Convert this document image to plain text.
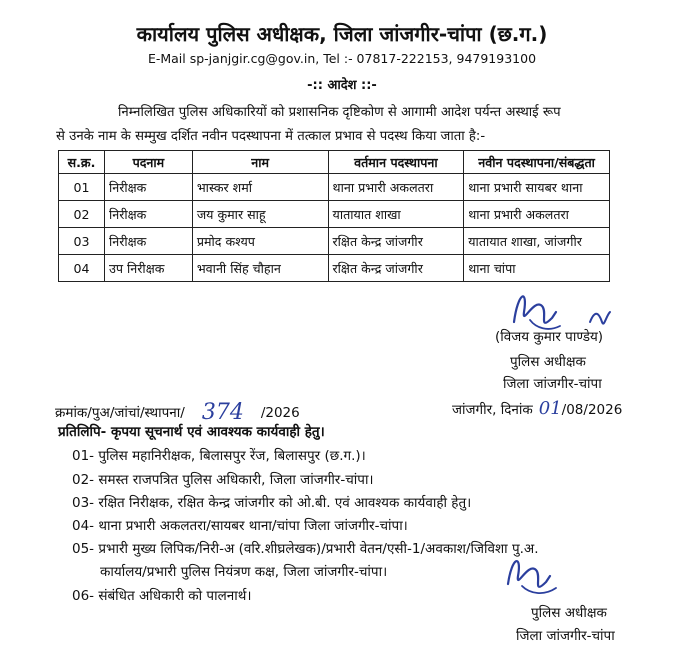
कार्यालय पुलिस अधीक्षक, जिला जांजगीर-चांपा (छ.ग.)
E-Mail sp-janjgir.cg@gov.in, Tel :- 07817-222153, 9479193100
-:: आदेश ::-
निम्नलिखित पुलिस अधिकारियों को प्रशासनिक दृष्टिकोण से आगामी आदेश पर्यन्त अस्थाई रूप
से उनके नाम के सम्मुख दर्शित नवीन पदस्थापना में तत्काल प्रभाव से पदस्थ किया जाता है:-
स.क्र.	पदनाम	नाम	वर्तमान पदस्थापना	नवीन पदस्थापना/संबद्धता
01	निरीक्षक	भास्कर शर्मा	थाना प्रभारी अकलतरा	थाना प्रभारी सायबर थाना
02	निरीक्षक	जय कुमार साहू	यातायात शाखा	थाना प्रभारी अकलतरा
03	निरीक्षक	प्रमोद कश्यप	रक्षित केन्द्र जांजगीर	यातायात शाखा, जांजगीर
04	उप निरीक्षक	भवानी सिंह चौहान	रक्षित केन्द्र जांजगीर	थाना चांपा
(विजय कुमार पाण्डेय)
पुलिस अधीक्षक
जिला जांजगीर-चांपा
क्रमांक/पुअ/जांचां/स्थापना/ 374 /2026	जांजगीर, दिनांक 01/08/2026
प्रतिलिपि- कृपया सूचनार्थ एवं आवश्यक कार्यवाही हेतु।
01- पुलिस महानिरीक्षक, बिलासपुर रेंज, बिलासपुर (छ.ग.)।
02- समस्त राजपत्रित पुलिस अधिकारी, जिला जांजगीर-चांपा।
03- रक्षित निरीक्षक, रक्षित केन्द्र जांजगीर को ओ.बी. एवं आवश्यक कार्यवाही हेतु।
04- थाना प्रभारी अकलतरा/सायबर थाना/चांपा जिला जांजगीर-चांपा।
05- प्रभारी मुख्य लिपिक/निरी-अ (वरि.शीघ्रलेखक)/प्रभारी वेतन/एसी-1/अवकाश/जिविशा पु.अ.
कार्यालय/प्रभारी पुलिस नियंत्रण कक्ष, जिला जांजगीर-चांपा।
06- संबंधित अधिकारी को पालनार्थ।
पुलिस अधीक्षक
जिला जांजगीर-चांपा
